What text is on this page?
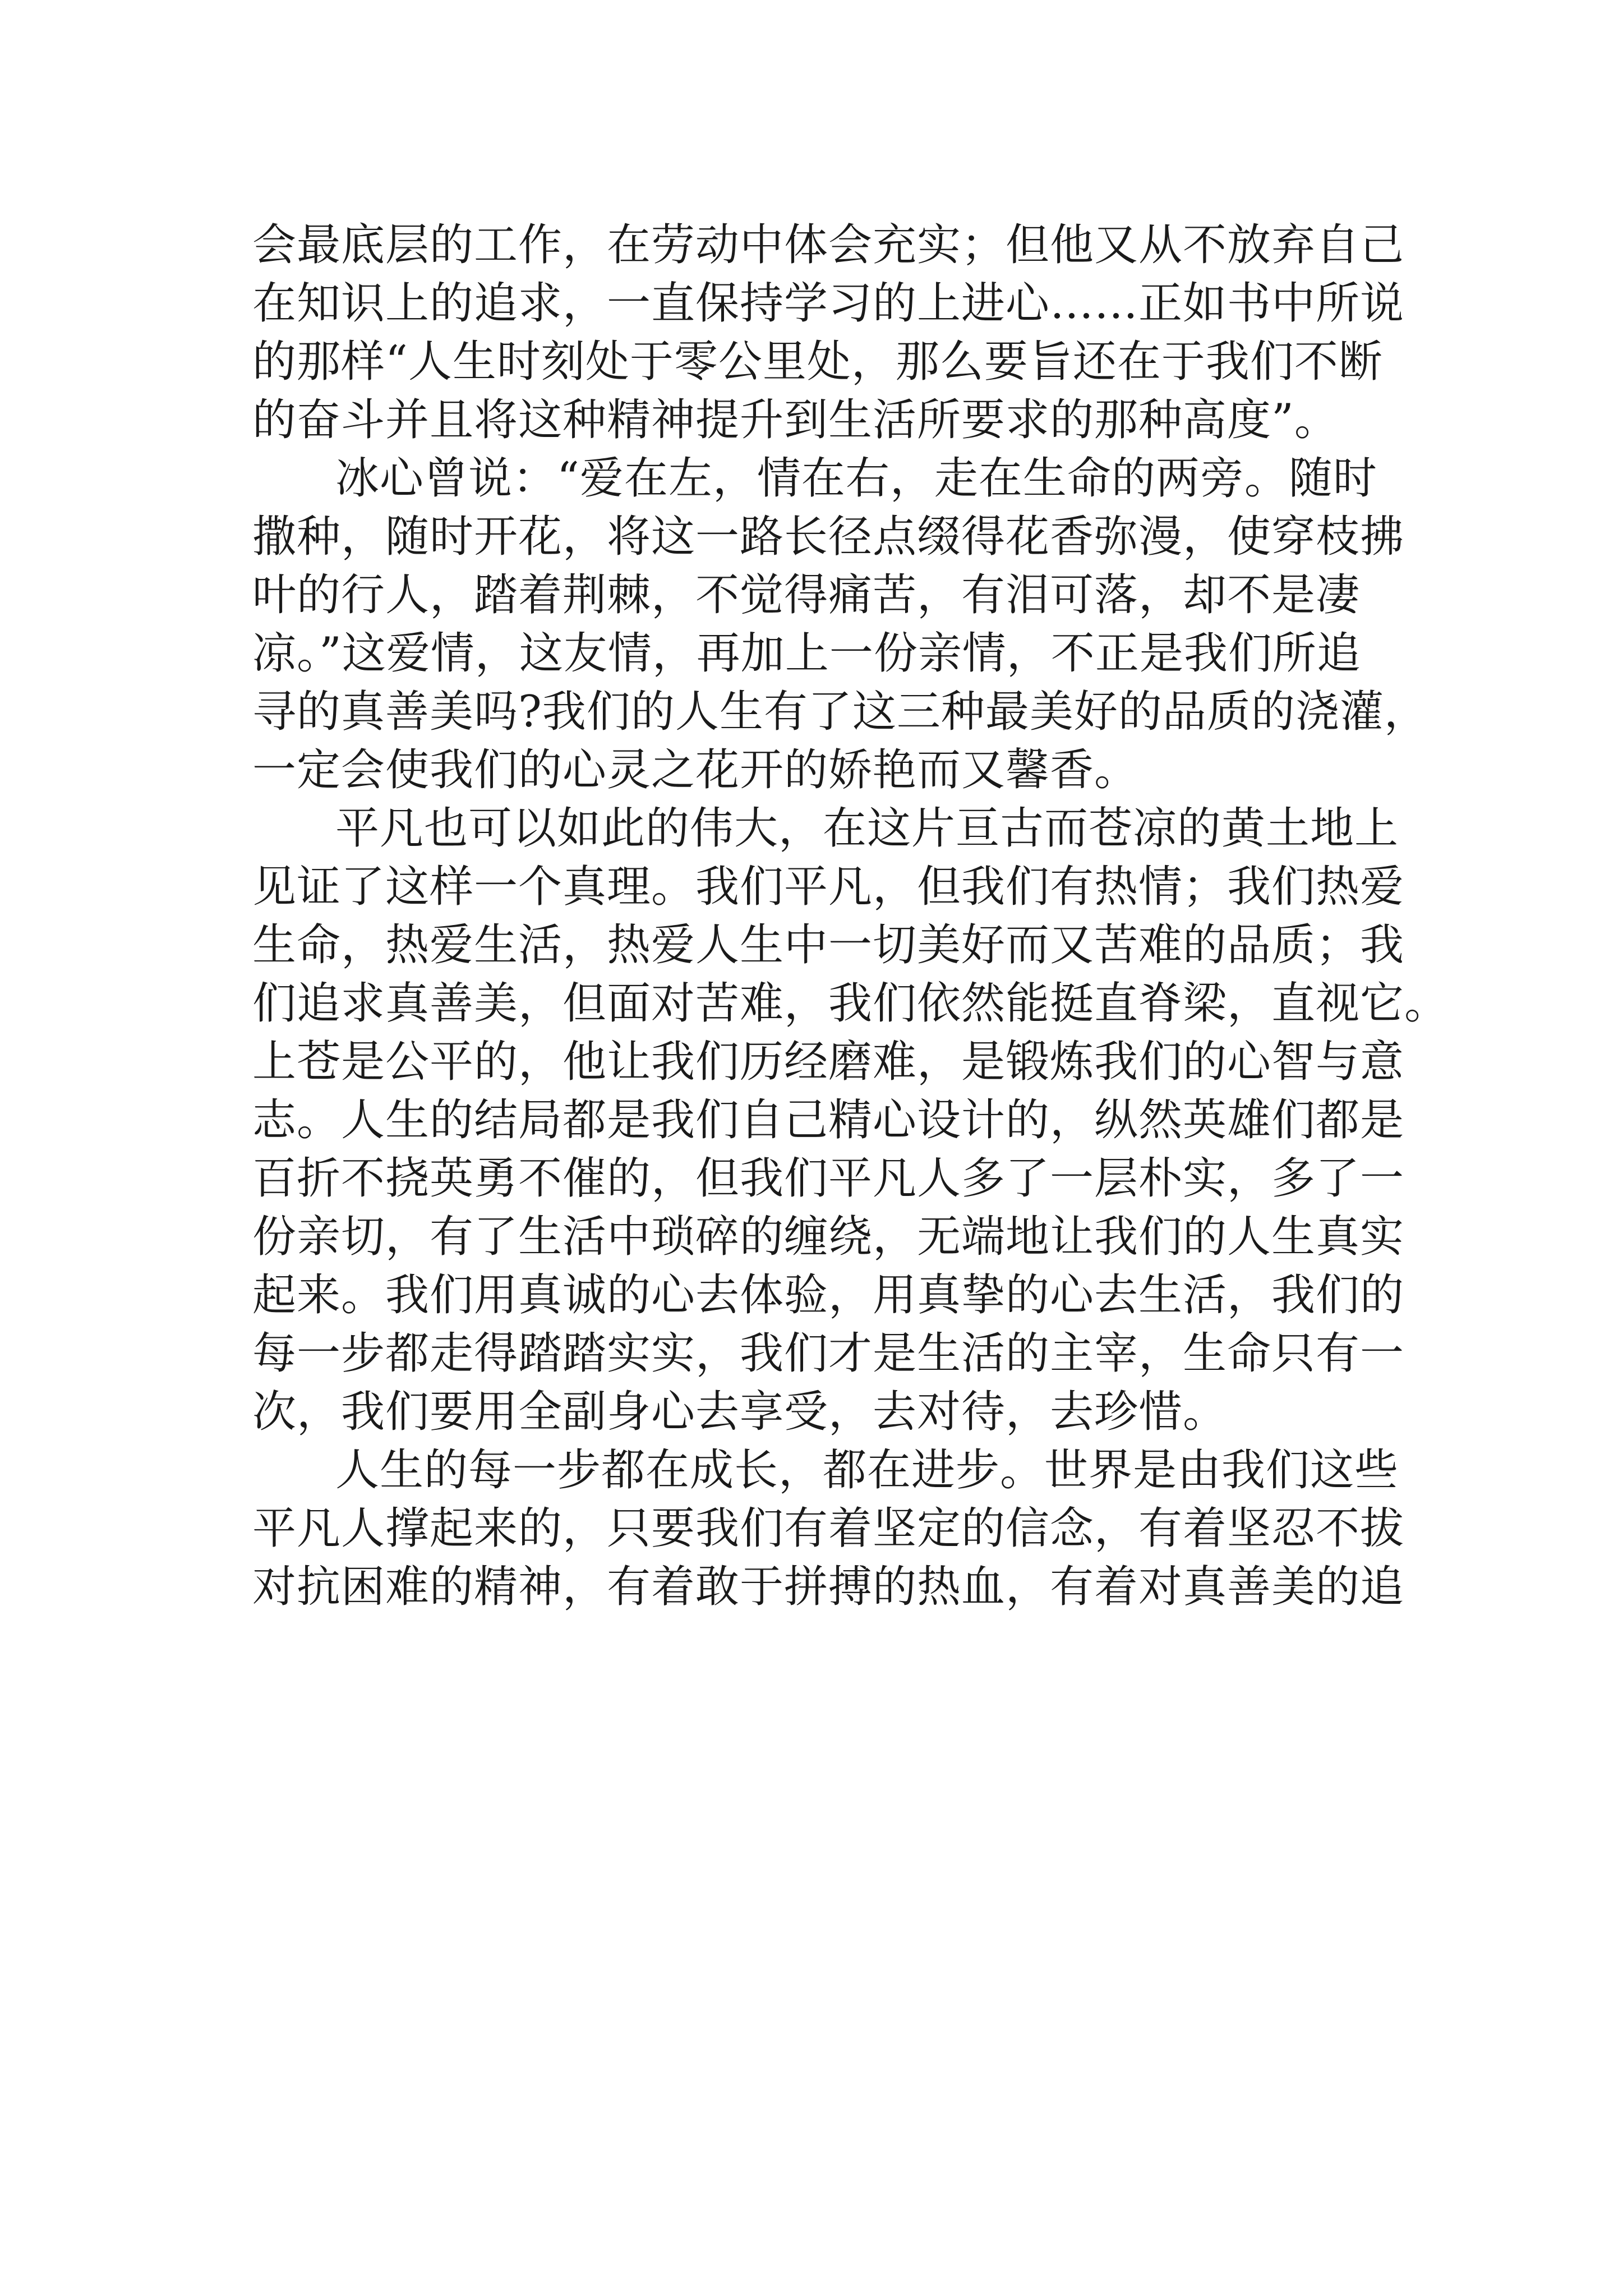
会最底层的工作，在劳动中体会充实；但他又从不放弃自己
在知识上的追求，一直保持学习的上进心……正如书中所说
的那样“人生时刻处于零公里处，那么要旨还在于我们不断
的奋斗并且将这种精神提升到生活所要求的那种高度”。
冰心曾说：“爱在左，情在右，走在生命的两旁。随时
撒种，随时开花，将这一路长径点缀得花香弥漫，使穿枝拂
叶的行人，踏着荆棘，不觉得痛苦，有泪可落，却不是凄
凉。”这爱情，这友情，再加上一份亲情，不正是我们所追
寻的真善美吗?我们的人生有了这三种最美好的品质的浇灌，
一定会使我们的心灵之花开的娇艳而又馨香。
平凡也可以如此的伟大，在这片亘古而苍凉的黄土地上
见证了这样一个真理。我们平凡，但我们有热情；我们热爱
生命，热爱生活，热爱人生中一切美好而又苦难的品质；我
们追求真善美，但面对苦难，我们依然能挺直脊梁，直视它。
上苍是公平的，他让我们历经磨难，是锻炼我们的心智与意
志。人生的结局都是我们自己精心设计的，纵然英雄们都是
百折不挠英勇不催的，但我们平凡人多了一层朴实，多了一
份亲切，有了生活中琐碎的缠绕，无端地让我们的人生真实
起来。我们用真诚的心去体验，用真挚的心去生活，我们的
每一步都走得踏踏实实，我们才是生活的主宰，生命只有一
次，我们要用全副身心去享受，去对待，去珍惜。
人生的每一步都在成长，都在进步。世界是由我们这些
平凡人撑起来的，只要我们有着坚定的信念，有着坚忍不拔
对抗困难的精神，有着敢于拼搏的热血，有着对真善美的追
